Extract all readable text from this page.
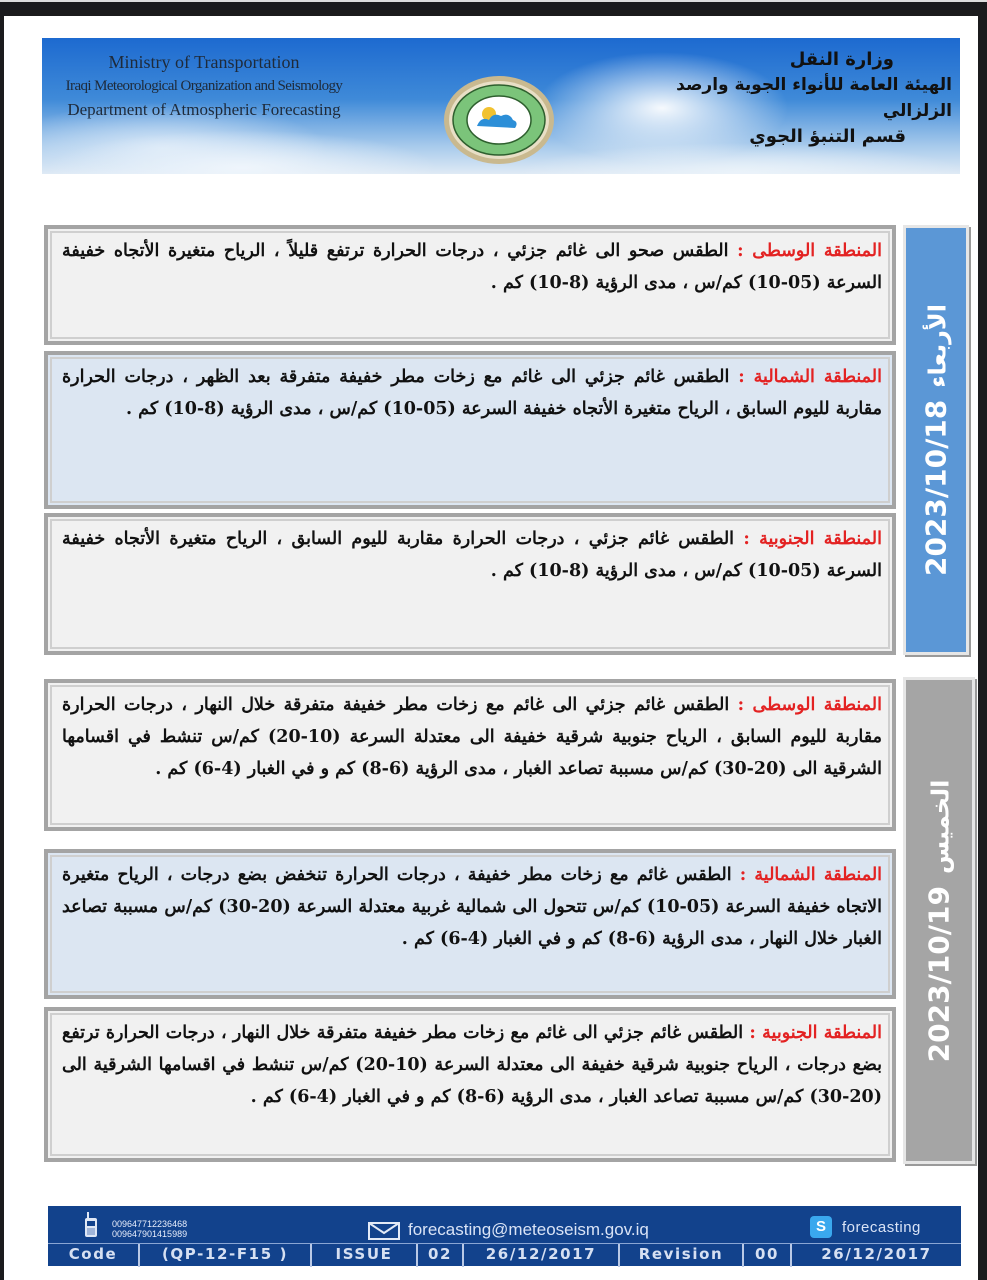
Ministry of Transportation
Iraqi Meteorological Organization and Seismology
Department of Atmospheric Forecasting
وزارة النقل
الهيئة العامة للأنواء الجوية وارصد الزلزالي
قسم التنبؤ الجوي
المنطقة الوسطى : الطقس صحو الى غائم جزئي ، درجات الحرارة ترتفع قليلاً ، الرياح متغيرة الأتجاه خفيفة السرعة (05-10) كم/س ، مدى الرؤية (8-10) كم .
المنطقة الشمالية : الطقس غائم جزئي الى غائم مع زخات مطر خفيفة متفرقة بعد الظهر ، درجات الحرارة مقاربة لليوم السابق ، الرياح متغيرة الأتجاه خفيفة السرعة (05-10) كم/س ، مدى الرؤية (8-10) كم .
المنطقة الجنوبية : الطقس غائم جزئي ، درجات الحرارة مقاربة لليوم السابق ، الرياح متغيرة الأتجاه خفيفة السرعة (05-10) كم/س ، مدى الرؤية (8-10) كم .
المنطقة الوسطى : الطقس غائم جزئي الى غائم مع زخات مطر خفيفة متفرقة خلال النهار ، درجات الحرارة مقاربة لليوم السابق ، الرياح جنوبية شرقية خفيفة الى معتدلة السرعة (10-20) كم/س تنشط في اقسامها الشرقية الى (20-30) كم/س مسببة تصاعد الغبار ، مدى الرؤية (6-8) كم و في الغبار (4-6) كم .
المنطقة الشمالية : الطقس غائم مع زخات مطر خفيفة ، درجات الحرارة تنخفض بضع درجات ، الرياح متغيرة الاتجاه خفيفة السرعة (05-10) كم/س تتحول الى شمالية غربية معتدلة السرعة (20-30) كم/س مسببة تصاعد الغبار خلال النهار ، مدى الرؤية (6-8) كم و في الغبار (4-6) كم .
المنطقة الجنوبية : الطقس غائم جزئي الى غائم مع زخات مطر خفيفة متفرقة خلال النهار ، درجات الحرارة ترتفع بضع درجات ، الرياح جنوبية شرقية خفيفة الى معتدلة السرعة (10-20) كم/س تنشط في اقسامها الشرقية الى (20-30) كم/س مسببة تصاعد الغبار ، مدى الرؤية (6-8) كم و في الغبار (4-6) كم .
009647712236468
009647901415989	forecasting@meteoseism.gov.iq	S	forecasting
Code	(QP-12-F15 )	ISSUE	02	26/12/2017	Revision	00	26/12/2017
2023/10/18الأربعاء
2023/10/19الخميس
